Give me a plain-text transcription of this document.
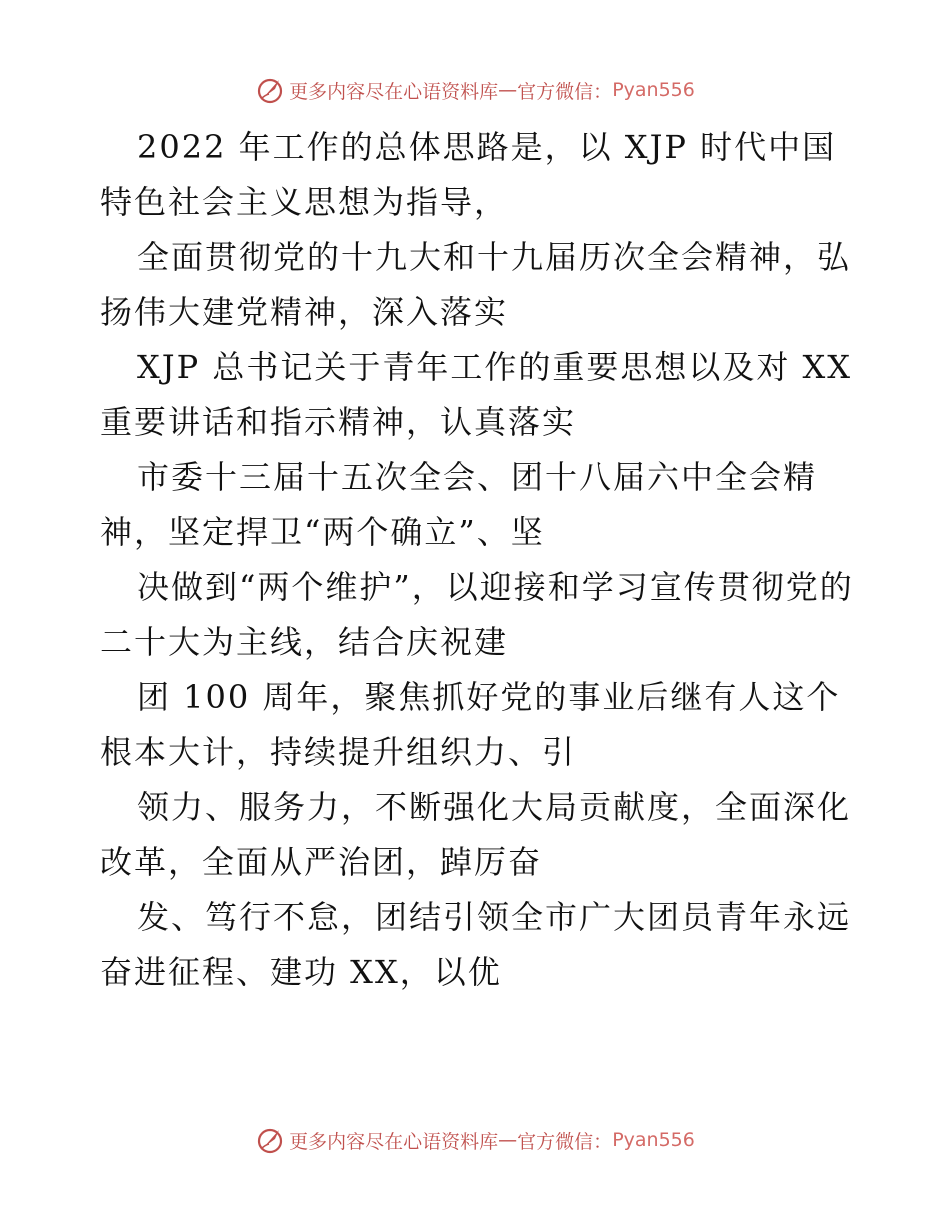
更多内容尽在心语资料库 — 官方微信： Pyan556

2022 年工作的总体思路是，以 XJP 时代中国特色社会主义思想为指导，

全面贯彻党的十九大和十九届历次全会精神，弘扬伟大建党精神，深入落实

XJP 总书记关于青年工作的重要思想以及对 XX 重要讲话和指示精神，认真落实

市委十三届十五次全会、团十八届六中全会精神，坚定捍卫“两个确立”、坚

决做到“两个维护”，以迎接和学习宣传贯彻党的二十大为主线，结合庆祝建

团 100 周年，聚焦抓好党的事业后继有人这个根本大计，持续提升组织力、引

领力、服务力，不断强化大局贡献度，全面深化改革，全面从严治团，踔厉奋

发、笃行不怠，团结引领全市广大团员青年永远奋进征程、建功 XX，以优

更多内容尽在心语资料库 — 官方微信： Pyan556
